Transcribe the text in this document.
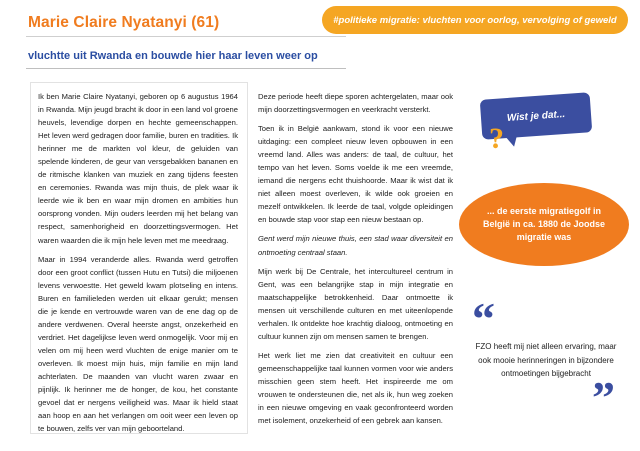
Marie Claire Nyatanyi (61)
vluchtte uit Rwanda en bouwde hier haar leven weer op
#politieke migratie: vluchten voor oorlog, vervolging of geweld

Ik ben Marie Claire Nyatanyi, geboren op 6 augustus 1964 in Rwanda. Mijn jeugd bracht ik door in een land vol groene heuvels, levendige dorpen en hechte gemeenschappen. Het leven werd gedragen door familie, buren en tradities. Ik herinner me de markten vol kleur, de geluiden van spelende kinderen, de geur van versgebakken bananen en de ritmische klanken van muziek en zang tijdens feesten en ceremonies. Rwanda was mijn thuis, de plek waar ik leerde wie ik ben en waar mijn dromen en ambities hun oorsprong vonden. Mijn ouders leerden mij het belang van respect, samenhorigheid en doorzettingsvermogen. Het waren waarden die ik mijn hele leven met me meedraag.

Maar in 1994 veranderde alles. Rwanda werd getroffen door een groot conflict (tussen Hutu en Tutsi) die miljoenen levens verwoestte. Het geweld kwam plotseling en intens. Buren en familieleden werden uit elkaar gerukt; mensen die je kende en vertrouwde waren van de ene dag op de andere verdwenen. Overal heerste angst, onzekerheid en verdriet. Het dagelijkse leven werd onmogelijk. Voor mij en velen om mij heen werd vluchten de enige manier om te overleven. Ik moest mijn huis, mijn familie en mijn land achterlaten. De maanden van vlucht waren zwaar en pijnlijk. Ik herinner me de honger, de kou, het constante gevoel dat er nergens veiligheid was. Maar ik hield staat aan hoop en aan het verlangen om ooit weer een leven op te bouwen, zelfs ver van mijn geboorteland.

Deze periode heeft diepe sporen achtergelaten, maar ook mijn doorzettingsvermogen en veerkracht versterkt.

Toen ik in België aankwam, stond ik voor een nieuwe uitdaging: een compleet nieuw leven opbouwen in een vreemd land. Alles was anders: de taal, de cultuur, het tempo van het leven. Soms voelde ik me een vreemde, iemand die nergens echt thuishoorde. Maar ik wist dat ik niet alleen moest overleven, ik wilde ook groeien en mezelf ontwikkelen. Ik leerde de taal, volgde opleidingen en bouwde stap voor stap een nieuw bestaan op.

Gent werd mijn nieuwe thuis, een stad waar diversiteit en ontmoeting centraal staan.

Mijn werk bij De Centrale, het intercultureel centrum in Gent, was een belangrijke stap in mijn integratie en maatschappelijke betrokkenheid. Daar ontmoette ik mensen uit verschillende culturen en met uiteenlopende verhalen. Ik ontdekte hoe krachtig dialoog, ontmoeting en cultuur kunnen zijn om mensen samen te brengen.

Het werk liet me zien dat creativiteit en cultuur een gemeenschappelijke taal kunnen vormen voor wie anders misschien geen stem heeft. Het inspireerde me om vrouwen te ondersteunen die, net als ik, hun weg zoeken in een nieuwe omgeving en vaak geconfronteerd worden met isolement, onzekerheid of een gebrek aan kansen.

Wist je dat...
?
... de eerste migratiegolf in België in ca. 1880 de Joodse migratie was
“
FZO heeft mij niet alleen ervaring, maar ook mooie herinneringen in bijzondere ontmoetingen bijgebracht ”
